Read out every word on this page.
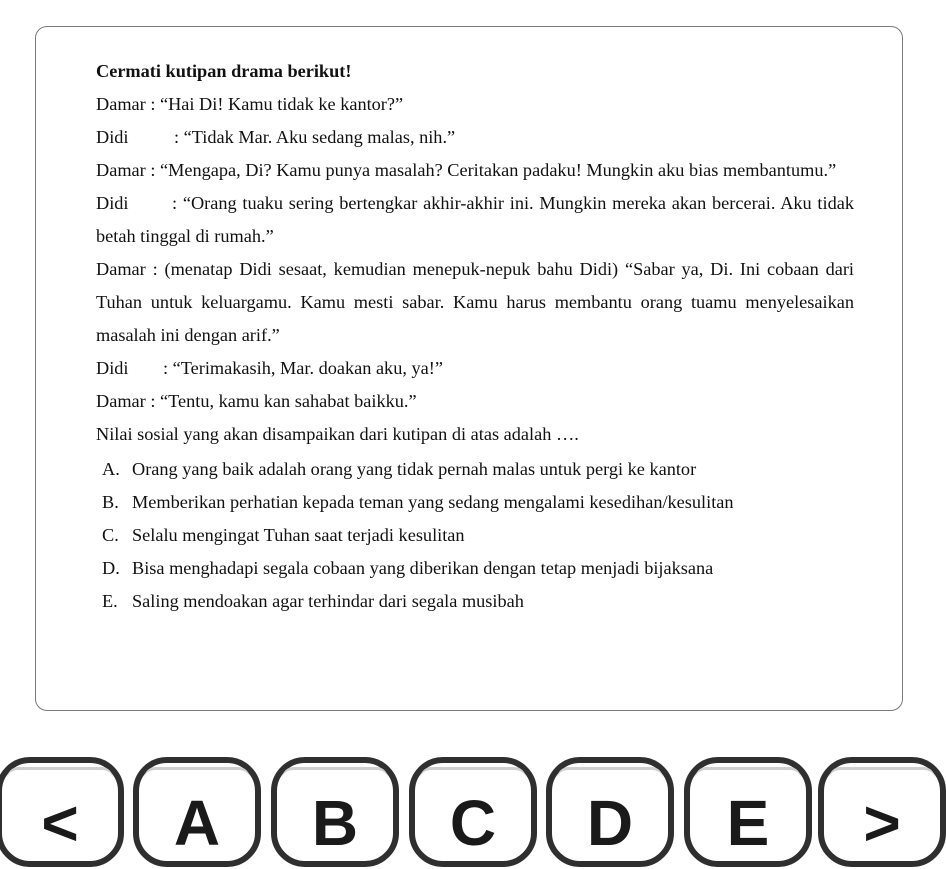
Cermati kutipan drama berikut!

Damar : “Hai Di! Kamu tidak ke kantor?”

Didi : “Tidak Mar. Aku sedang malas, nih.”

Damar : “Mengapa, Di? Kamu punya masalah? Ceritakan padaku! Mungkin aku bias membantumu.”

Didi : “Orang tuaku sering bertengkar akhir-akhir ini. Mungkin mereka akan bercerai. Aku tidak betah tinggal di rumah.”

Damar : (menatap Didi sesaat, kemudian menepuk-nepuk bahu Didi) “Sabar ya, Di. Ini cobaan dari Tuhan untuk keluargamu. Kamu mesti sabar. Kamu harus membantu orang tuamu menyelesaikan masalah ini dengan arif.”

Didi : “Terimakasih, Mar. doakan aku, ya!”

Damar : “Tentu, kamu kan sahabat baikku.”

Nilai sosial yang akan disampaikan dari kutipan di atas adalah ….

A. Orang yang baik adalah orang yang tidak pernah malas untuk pergi ke kantor
B. Memberikan perhatian kepada teman yang sedang mengalami kesedihan/kesulitan
C. Selalu mengingat Tuhan saat terjadi kesulitan
D. Bisa menghadapi segala cobaan yang diberikan dengan tetap menjadi bijaksana
E. Saling mendoakan agar terhindar dari segala musibah
<	A	B	C	D	E	>
